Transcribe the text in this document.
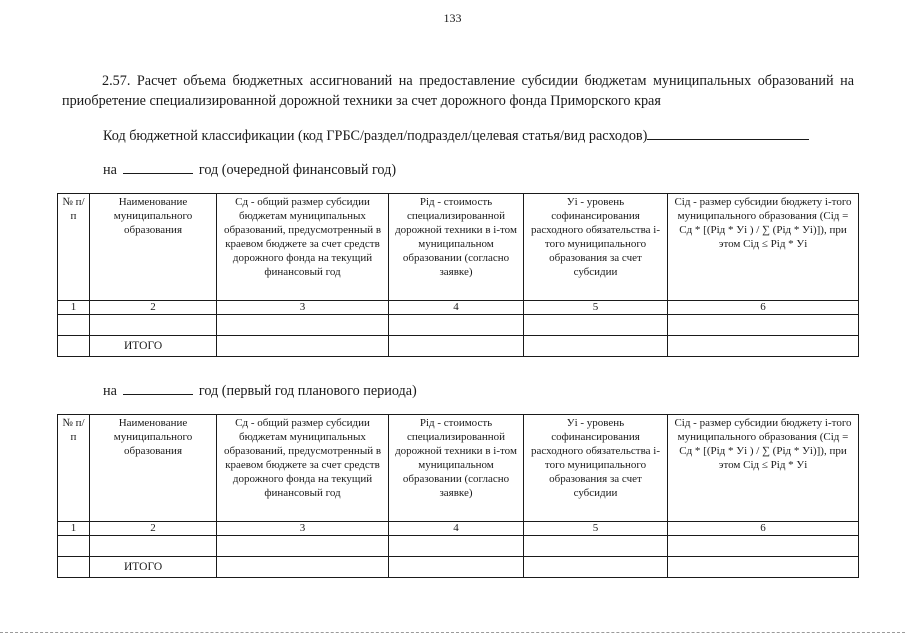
133

2.57. Расчет объема бюджетных ассигнований на предоставление субсидии бюджетам муниципальных образований на приобретение специализированной дорожной техники за счет дорожного фонда Приморского края

Код бюджетной классификации (код ГРБС/раздел/подраздел/целевая статья/вид расходов)
на	год (очередной финансовый год)
№ п/п	Наименование муниципального образования	Сд - общий размер субсидии бюджетам муниципальных образований, предусмотренный в краевом бюджете за счет средств дорожного фонда на текущий финансовый год	Рiд - стоимость специализированной дорожной техники в i-том муниципальном образовании (согласно заявке)	Уi - уровень софинансирования расходного обязательства i-того муниципального образования за счет субсидии	Сiд - размер субсидии бюджету i-того муниципального образования (Сiд = Сд * [(Рiд * Уi ) / ∑ (Рiд * Уi)]), при этом Сiд ≤ Рiд * Уi
1	2	3	4	5	6

	ИТОГО				
на	год (первый год планового периода)
№ п/п	Наименование муниципального образования	Сд - общий размер субсидии бюджетам муниципальных образований, предусмотренный в краевом бюджете за счет средств дорожного фонда на текущий финансовый год	Рiд - стоимость специализированной дорожной техники в i-том муниципальном образовании (согласно заявке)	Уi - уровень софинансирования расходного обязательства i-того муниципального образования за счет субсидии	Сiд - размер субсидии бюджету i-того муниципального образования (Сiд = Сд * [(Рiд * Уi ) / ∑ (Рiд * Уi)]), при этом Сiд ≤ Рiд * Уi
1	2	3	4	5	6

	ИТОГО				
